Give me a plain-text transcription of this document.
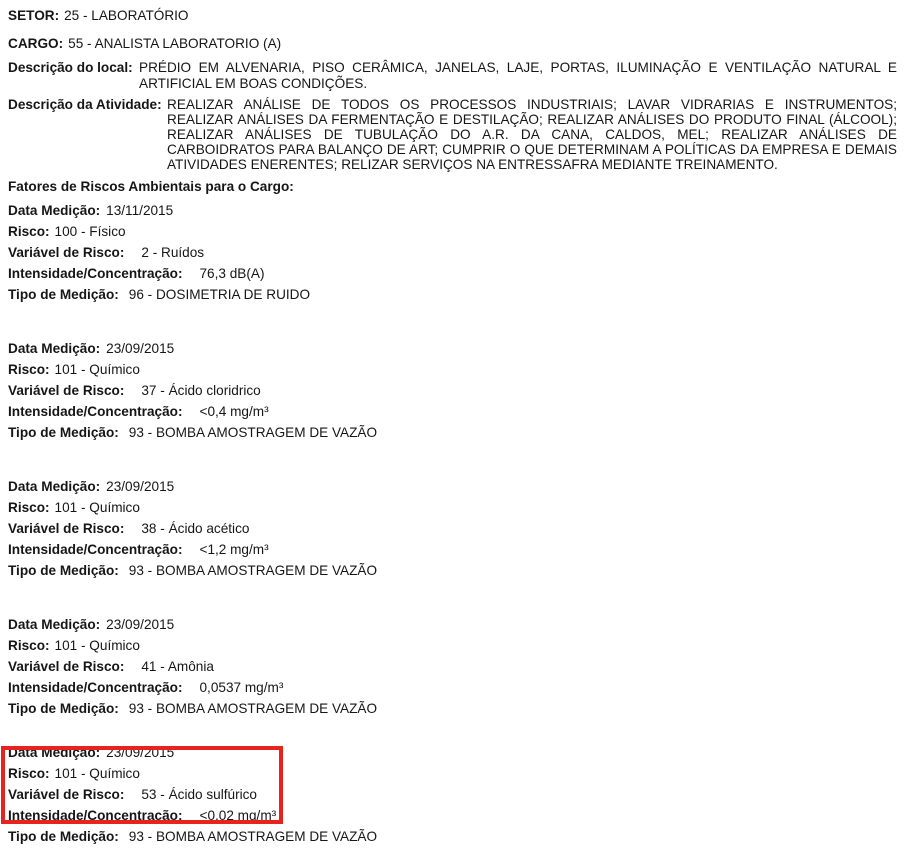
SETOR: 25 - LABORATÓRIO
CARGO: 55 - ANALISTA LABORATORIO (A)
Descrição do local: PRÉDIO EM ALVENARIA, PISO CERÂMICA, JANELAS, LAJE, PORTAS, ILUMINAÇÃO E VENTILAÇÃO NATURAL E ARTIFICIAL EM BOAS CONDIÇÕES.
Descrição da Atividade: REALIZAR ANÁLISE DE TODOS OS PROCESSOS INDUSTRIAIS; LAVAR VIDRARIAS E INSTRUMENTOS; REALIZAR ANÁLISES DA FERMENTAÇÃO E DESTILAÇÃO; REALIZAR ANÁLISES DO PRODUTO FINAL (ÁLCOOL); REALIZAR ANÁLISES DE TUBULAÇÃO DO A.R. DA CANA, CALDOS, MEL; REALIZAR ANÁLISES DE CARBOIDRATOS PARA BALANÇO DE ART; CUMPRIR O QUE DETERMINAM A POLÍTICAS DA EMPRESA E DEMAIS ATIVIDADES ENERENTES; RELIZAR SERVIÇOS NA ENTRESSAFRA MEDIANTE TREINAMENTO.
Fatores de Riscos Ambientais para o Cargo:
Data Medição: 13/11/2015
Risco: 100 - Físico
Variável de Risco: 2 - Ruídos
Intensidade/Concentração: 76,3 dB(A)
Tipo de Medição: 96 - DOSIMETRIA DE RUIDO
Data Medição: 23/09/2015
Risco: 101 - Químico
Variável de Risco: 37 - Ácido cloridrico
Intensidade/Concentração: <0,4 mg/m³
Tipo de Medição: 93 - BOMBA AMOSTRAGEM DE VAZÃO
Data Medição: 23/09/2015
Risco: 101 - Químico
Variável de Risco: 38 - Ácido acético
Intensidade/Concentração: <1,2 mg/m³
Tipo de Medição: 93 - BOMBA AMOSTRAGEM DE VAZÃO
Data Medição: 23/09/2015
Risco: 101 - Químico
Variável de Risco: 41 - Amônia
Intensidade/Concentração: 0,0537 mg/m³
Tipo de Medição: 93 - BOMBA AMOSTRAGEM DE VAZÃO
Data Medição: 23/09/2015
Risco: 101 - Químico
Variável de Risco: 53 - Ácido sulfúrico
Intensidade/Concentração: <0,02 mg/m³
Tipo de Medição: 93 - BOMBA AMOSTRAGEM DE VAZÃO
